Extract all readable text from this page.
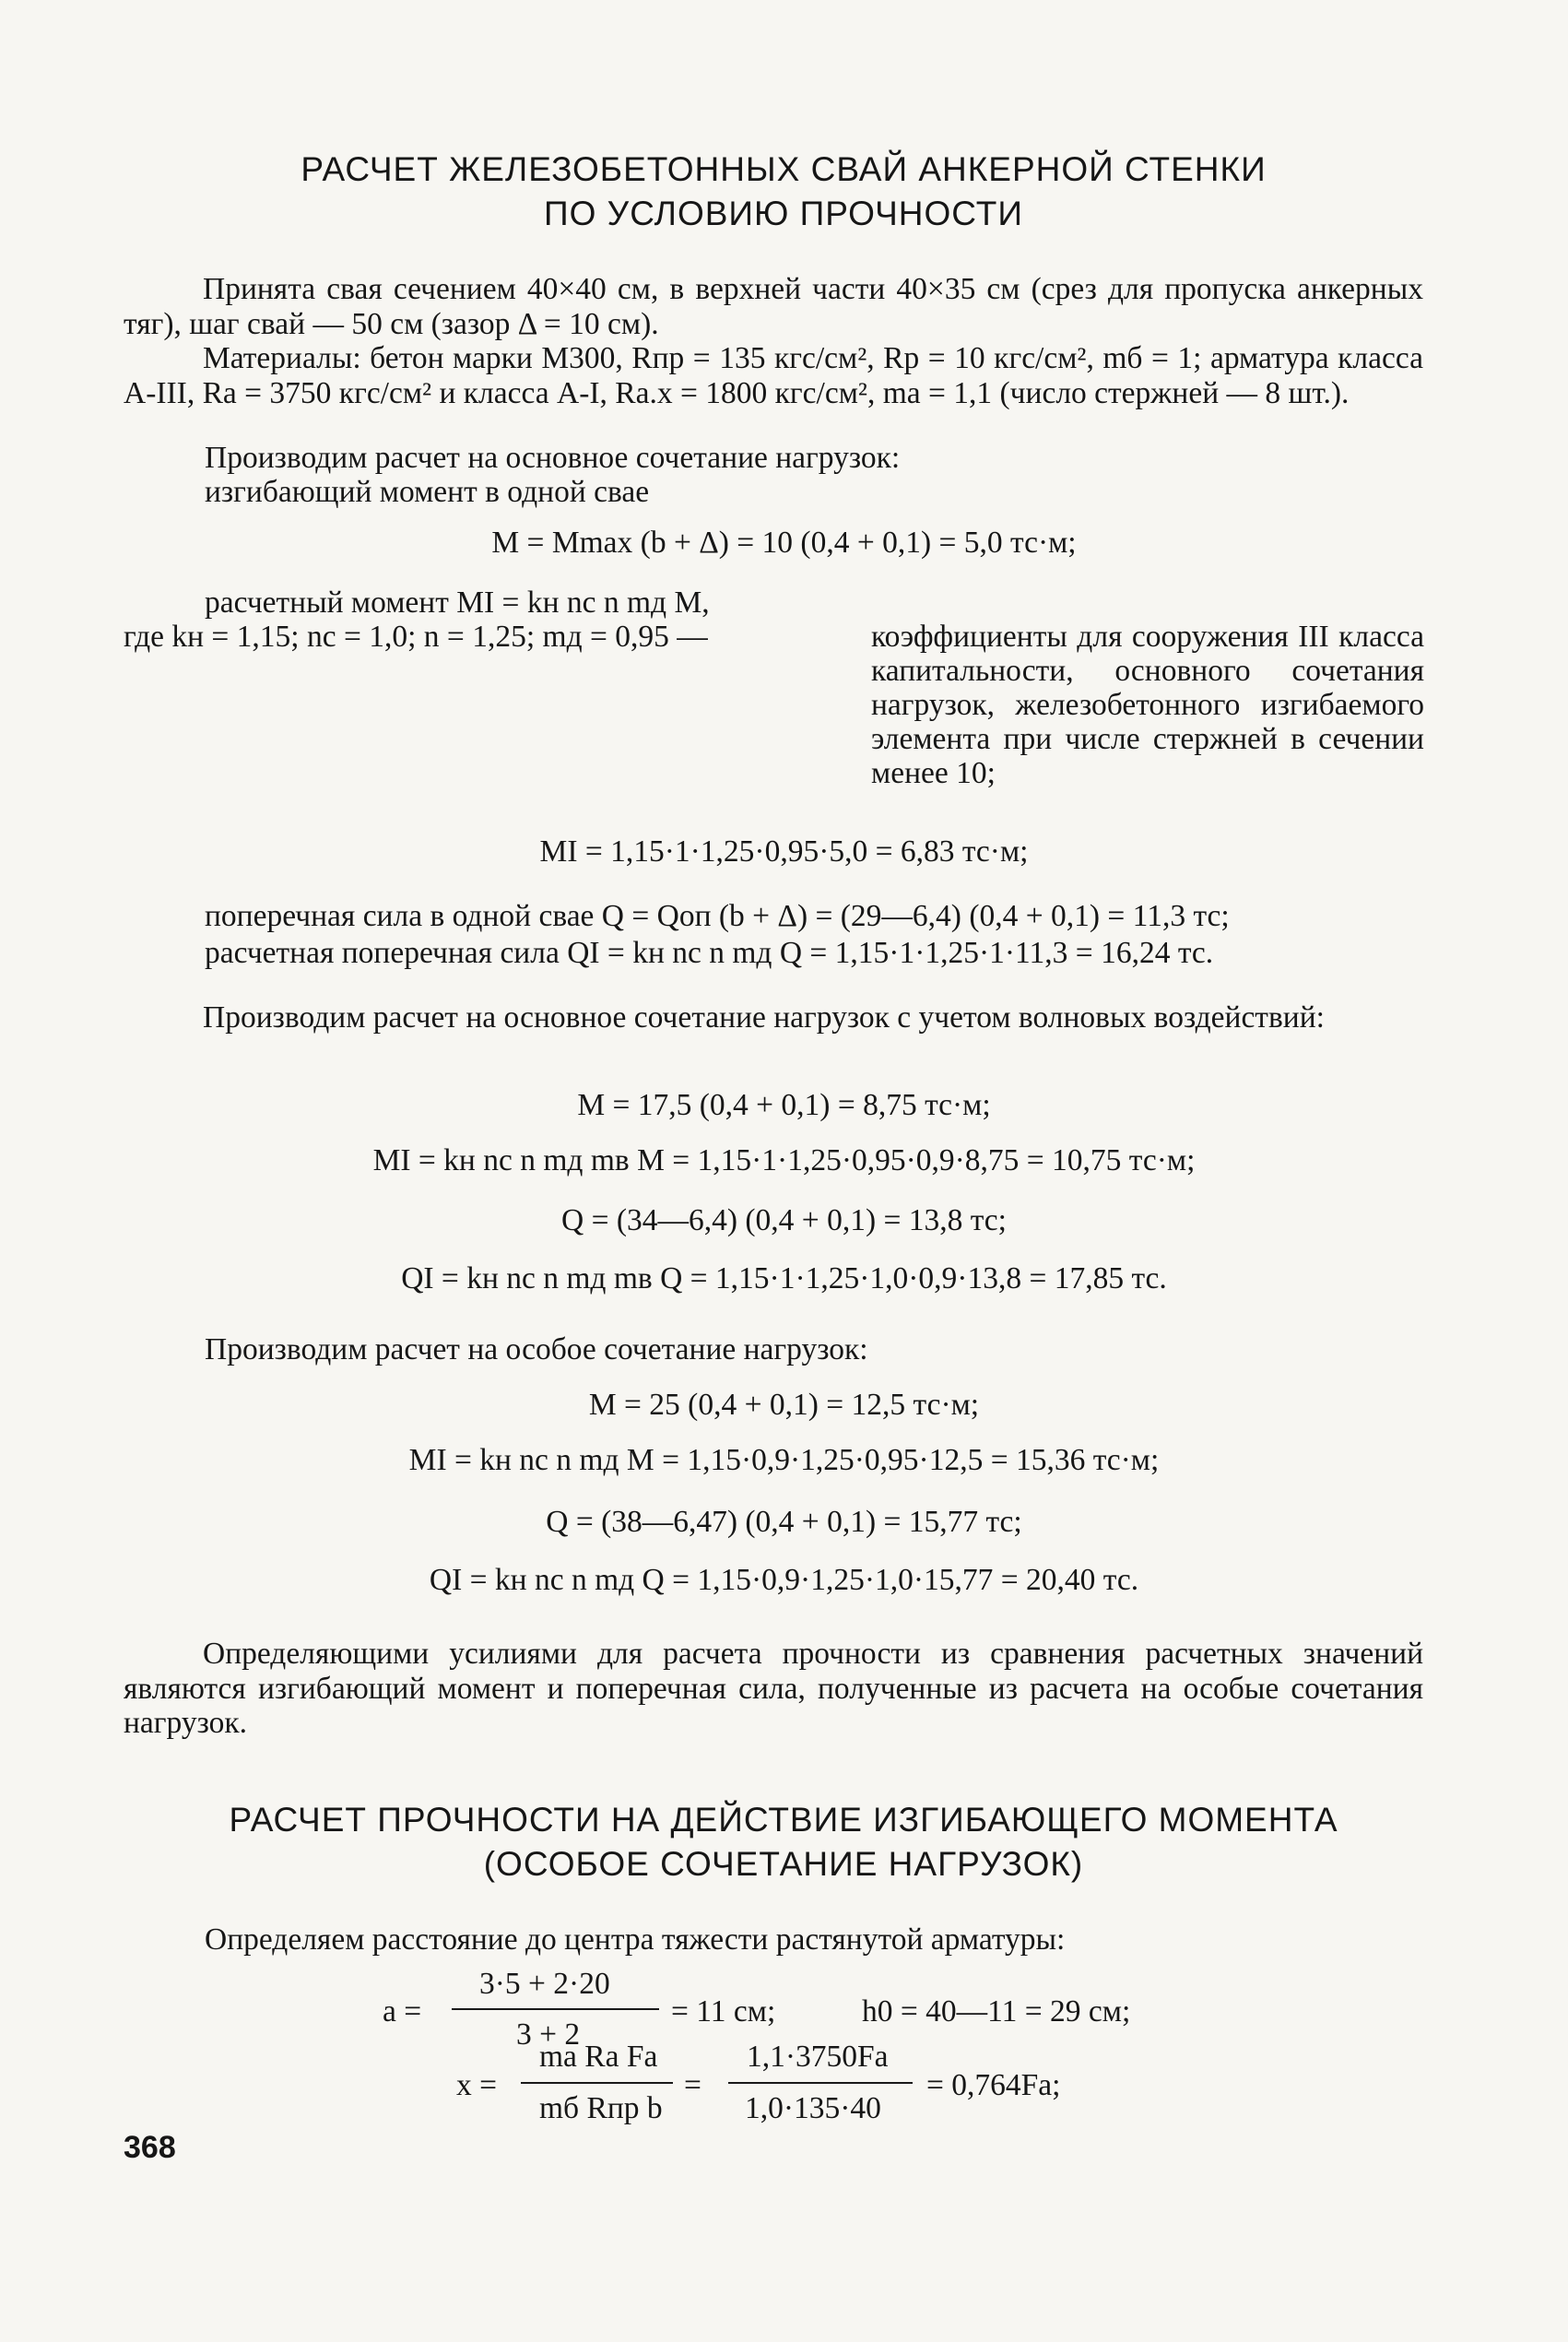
РАСЧЕТ ЖЕЛЕЗОБЕТОННЫХ СВАЙ АНКЕРНОЙ СТЕНКИ
ПО УСЛОВИЮ ПРОЧНОСТИ
Принята свая сечением 40×40 см, в верхней части 40×35 см (срез для пропуска анкерных тяг), шаг свай — 50 см (зазор Δ = 10 см).
Материалы: бетон марки М300, Rпр = 135 кгс/см², Rр = 10 кгс/см², mб = 1; арматура класса А-III, Rа = 3750 кгс/см² и класса А-I, Rа.х = 1800 кгс/см², mа = 1,1 (число стержней — 8 шт.).
Производим расчет на основное сочетание нагрузок:
изгибающий момент в одной свае
M = Mmax (b + Δ) = 10 (0,4 + 0,1) = 5,0 тс·м;
расчетный момент MI = kн nс n mд M,
где kн = 1,15; nс = 1,0; n = 1,25; mд = 0,95 —	коэффициенты для сооружения III класса капитальности, основного сочетания нагрузок, железобетонного изгибаемого элемента при числе стержней в сечении менее 10;
MI = 1,15·1·1,25·0,95·5,0 = 6,83 тс·м;
поперечная сила в одной свае Q = Qоп (b + Δ) = (29—6,4) (0,4 + 0,1) = 11,3 тс;
расчетная поперечная сила QI = kн nс n mд Q = 1,15·1·1,25·1·11,3 = 16,24 тс.
Производим расчет на основное сочетание нагрузок с учетом волновых воздействий:
M = 17,5 (0,4 + 0,1) = 8,75 тс·м;
MI = kн nс n mд mв M = 1,15·1·1,25·0,95·0,9·8,75 = 10,75 тс·м;
Q = (34—6,4) (0,4 + 0,1) = 13,8 тс;
QI = kн nс n mд mв Q = 1,15·1·1,25·1,0·0,9·13,8 = 17,85 тс.
Производим расчет на особое сочетание нагрузок:
M = 25 (0,4 + 0,1) = 12,5 тс·м;
MI = kн nс n mд M = 1,15·0,9·1,25·0,95·12,5 = 15,36 тс·м;
Q = (38—6,47) (0,4 + 0,1) = 15,77 тс;
QI = kн nс n mд Q = 1,15·0,9·1,25·1,0·15,77 = 20,40 тс.
Определяющими усилиями для расчета прочности из сравнения расчетных значений являются изгибающий момент и поперечная сила, полученные из расчета на особые сочетания нагрузок.
РАСЧЕТ ПРОЧНОСТИ НА ДЕЙСТВИЕ ИЗГИБАЮЩЕГО МОМЕНТА
(ОСОБОЕ СОЧЕТАНИЕ НАГРУЗОК)
Определяем расстояние до центра тяжести растянутой арматуры:
a =
3·5 + 2·20
3 + 2
= 11 см;	h0 = 40—11 = 29 см;
x =
mа Rа Fа
mб Rпр b
=
1,1·3750Fа
1,0·135·40
= 0,764Fа;
368
